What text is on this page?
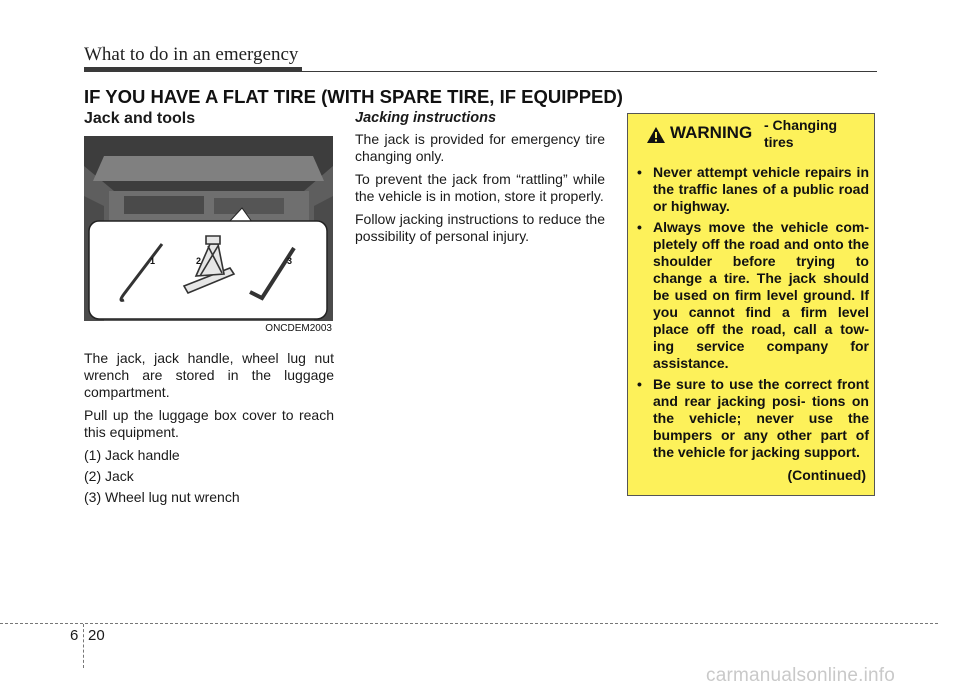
What to do in an emergency
IF YOU HAVE A FLAT TIRE (WITH SPARE TIRE, IF EQUIPPED)
Jack and tools
1	2	3
ONCDEM2003

The jack, jack handle, wheel lug nut wrench are stored in the luggage compartment.

Pull up the luggage box cover to reach this equipment.

(1) Jack handle
(2) Jack
(3) Wheel lug nut wrench
Jacking instructions

The jack is provided for emergency tire changing only.

To prevent the jack from “rattling” while the vehicle is in motion, store it properly.

Follow jacking instructions to reduce the possibility of personal injury.

WARNING - Changing tires
• Never attempt vehicle repairs in the traffic lanes of a public road or highway.
• Always move the vehicle com- pletely off the road and onto the shoulder before trying to change a tire. The jack should be used on firm level ground. If you cannot find a firm level place off the road, call a tow- ing service company for assistance.
• Be sure to use the correct front and rear jacking posi- tions on the vehicle; never use the bumpers or any other part of the vehicle for jacking support.
(Continued)
6 20
carmanualsonline.info
